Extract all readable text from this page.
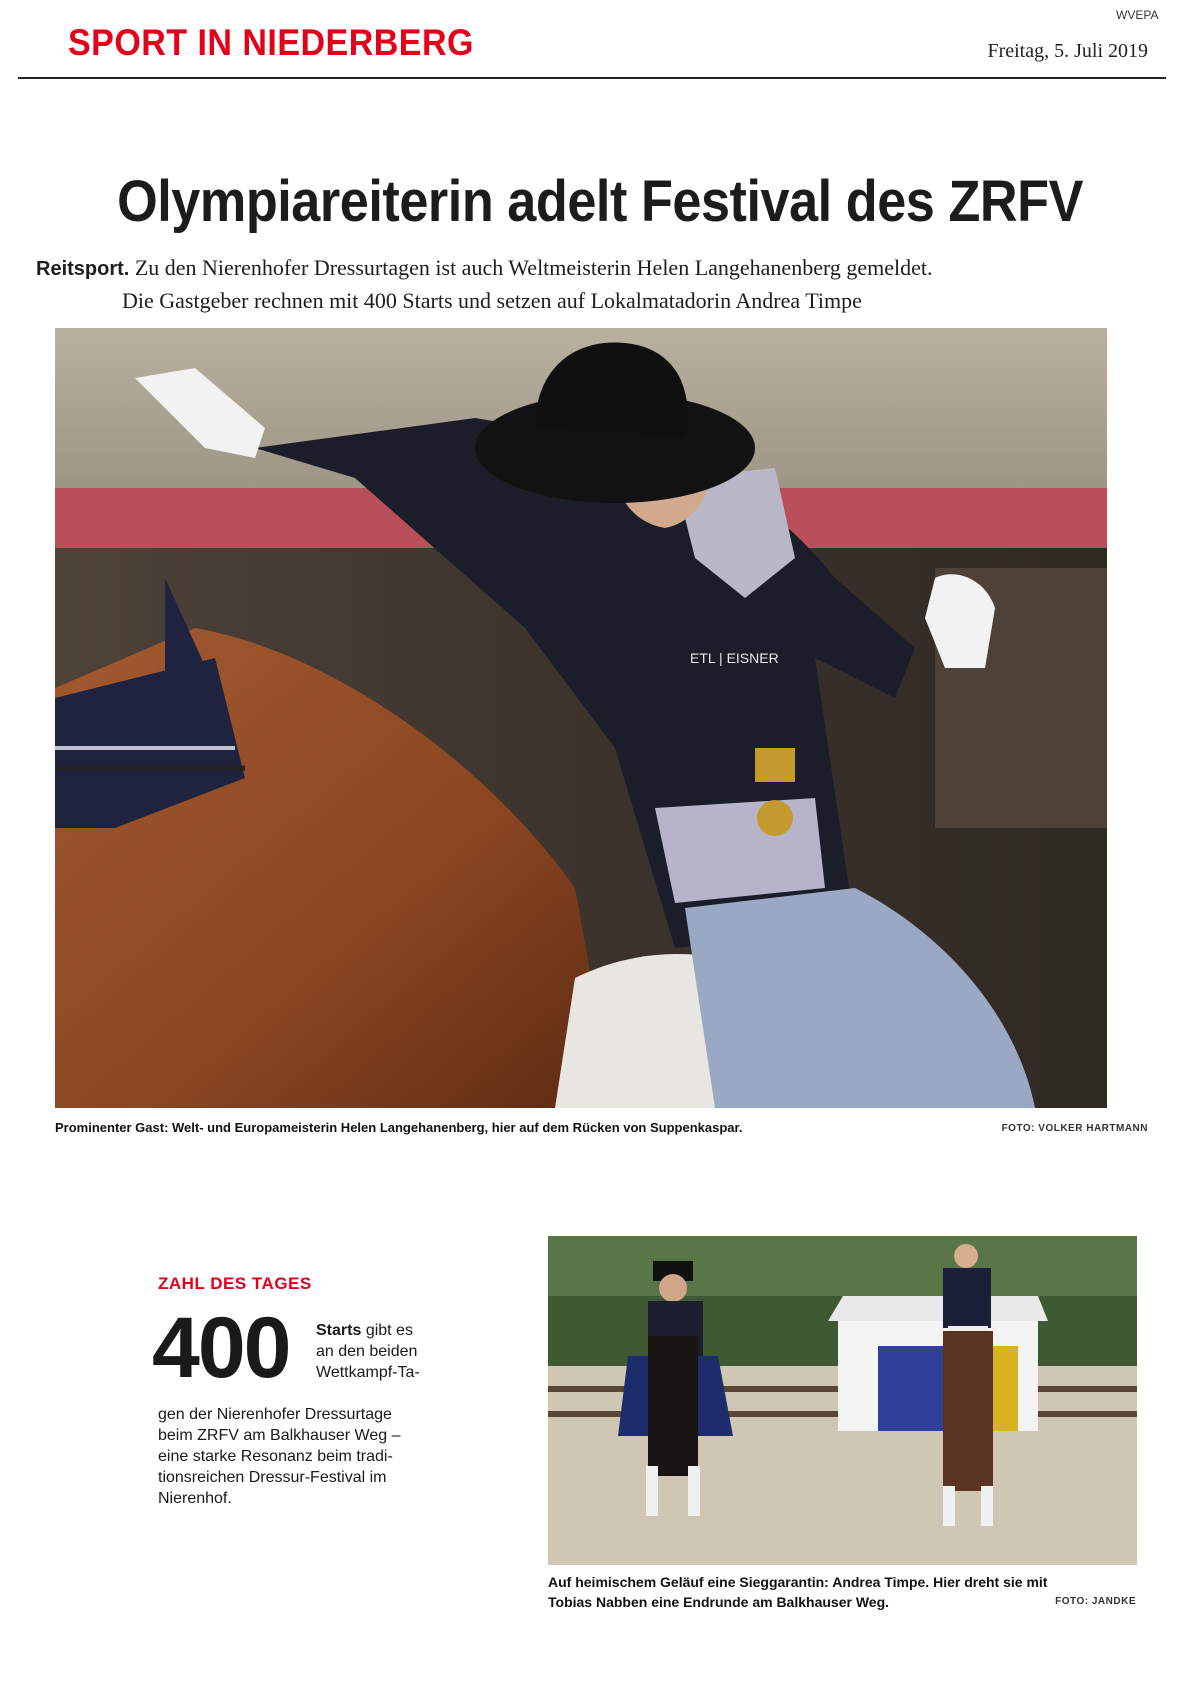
WVEPA
SPORT IN NIEDERBERG	Freitag, 5. Juli 2019
Olympiareiterin adelt Festival des ZRFV
Reitsport. Zu den Nierenhofer Dressurtagen ist auch Weltmeisterin Helen Langehanenberg gemeldet.
Die Gastgeber rechnen mit 400 Starts und setzen auf Lokalmatadorin Andrea Timpe
ETL | EISNER
Prominenter Gast: Welt- und Europameisterin Helen Langehanenberg, hier auf dem Rücken von Suppenkaspar.	FOTO: VOLKER HARTMANN
ZAHL DES TAGES
400 Starts gibt es
an den beiden
Wettkampf-Ta-
gen der Nierenhofer Dressurtage
beim ZRFV am Balkhauser Weg –
eine starke Resonanz beim tradi-
tionsreichen Dressur-Festival im
Nierenhof.
Auf heimischem Geläuf eine Sieggarantin: Andrea Timpe. Hier dreht sie mit
Tobias Nabben eine Endrunde am Balkhauser Weg.	FOTO: JANDKE
